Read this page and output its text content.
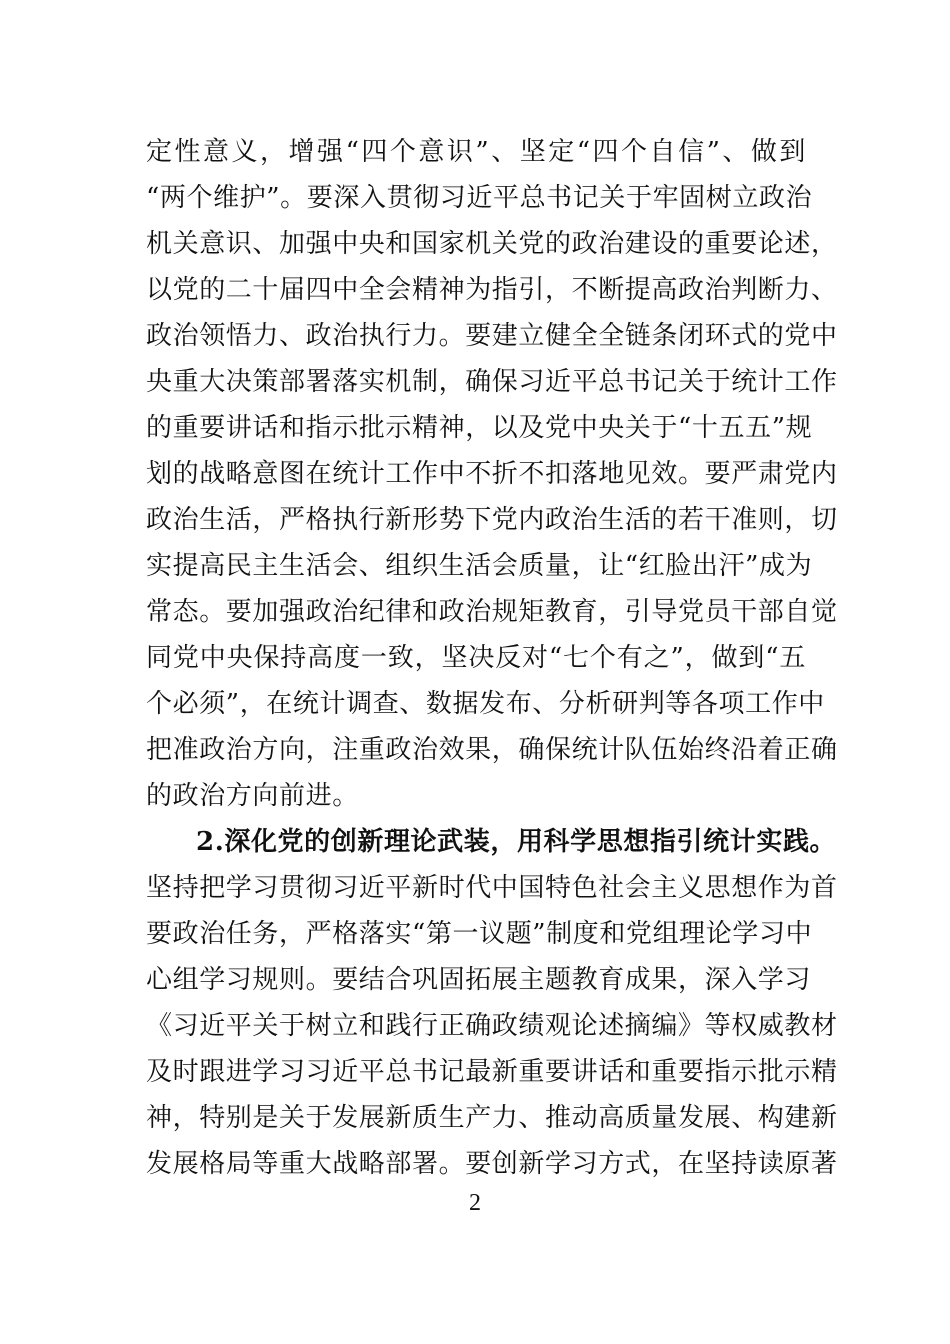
定性意义，增强“四个意识”、坚定“四个自信”、做到

“两个维护”。要深入贯彻习近平总书记关于牢固树立政治

机关意识、加强中央和国家机关党的政治建设的重要论述，

以党的二十届四中全会精神为指引，不断提高政治判断力、

政治领悟力、政治执行力。要建立健全全链条闭环式的党中

央重大决策部署落实机制，确保习近平总书记关于统计工作

的重要讲话和指示批示精神，以及党中央关于“十五五”规

划的战略意图在统计工作中不折不扣落地见效。要严肃党内

政治生活，严格执行新形势下党内政治生活的若干准则，切

实提高民主生活会、组织生活会质量，让“红脸出汗”成为

常态。要加强政治纪律和政治规矩教育，引导党员干部自觉

同党中央保持高度一致，坚决反对“七个有之”，做到“五

个必须”，在统计调查、数据发布、分析研判等各项工作中

把准政治方向，注重政治效果，确保统计队伍始终沿着正确

的政治方向前进。

2.深化党的创新理论武装，用科学思想指引统计实践。

坚持把学习贯彻习近平新时代中国特色社会主义思想作为首

要政治任务，严格落实“第一议题”制度和党组理论学习中

心组学习规则。要结合巩固拓展主题教育成果，深入学习

《习近平关于树立和践行正确政绩观论述摘编》等权威教材

及时跟进学习习近平总书记最新重要讲话和重要指示批示精

神，特别是关于发展新质生产力、推动高质量发展、构建新

发展格局等重大战略部署。要创新学习方式，在坚持读原著

2
